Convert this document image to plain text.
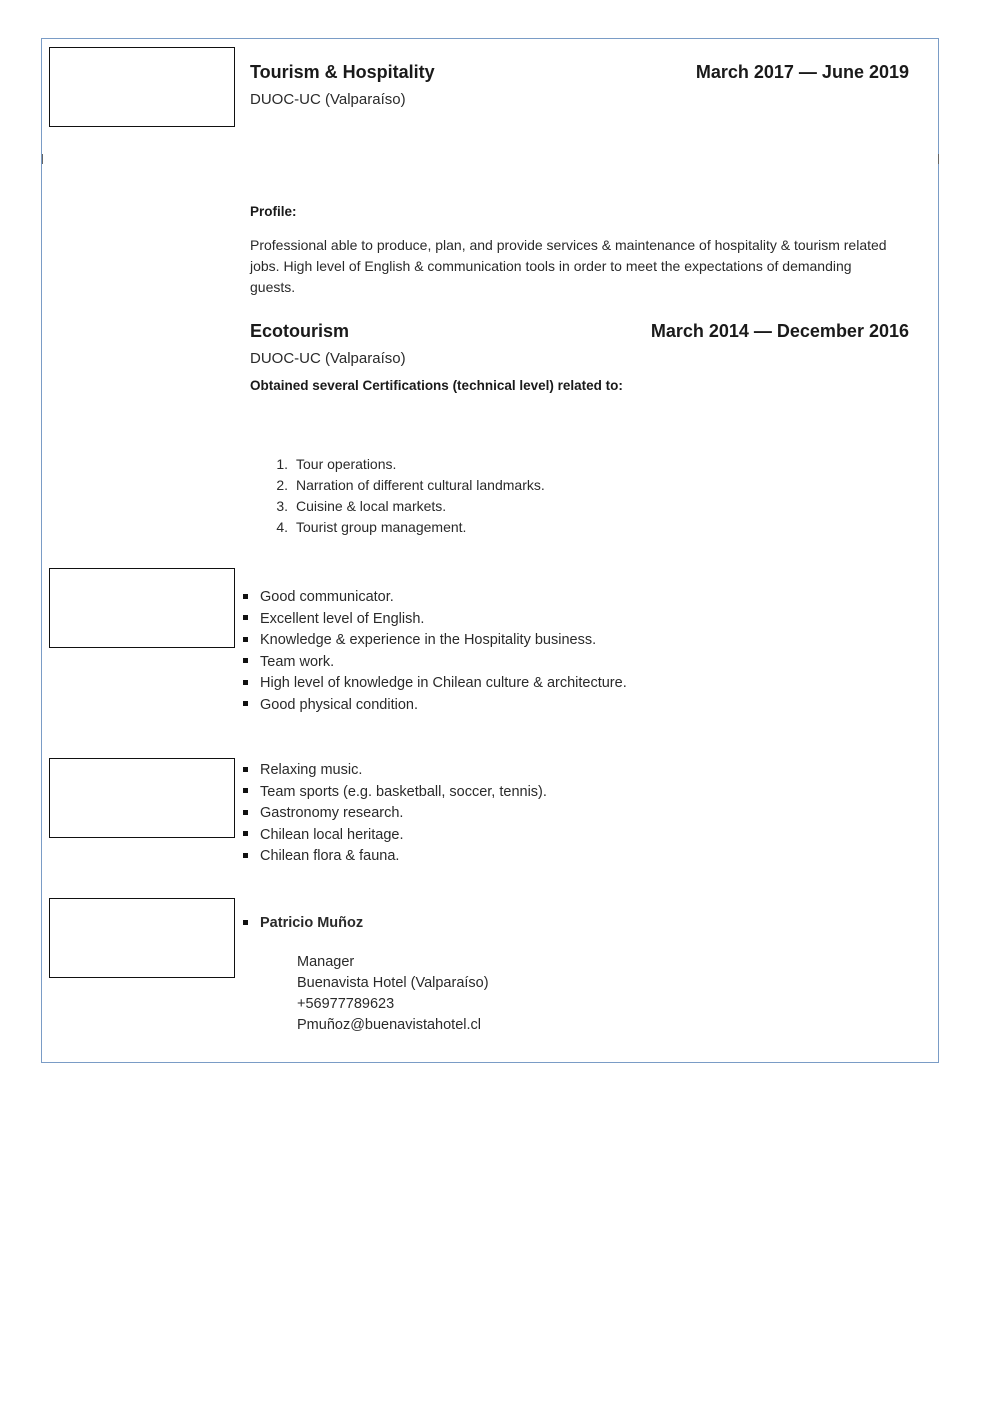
Tourism & Hospitality	March 2017 — June 2019
DUOC-UC (Valparaíso)
Profile:
Professional able to produce, plan, and provide services & maintenance of hospitality & tourism related jobs. High level of English & communication tools in order to meet the expectations of demanding guests.
Ecotourism	March 2014 — December 2016
DUOC-UC (Valparaíso)
Obtained several Certifications (technical level) related to:
1. Tour operations.
2. Narration of different cultural landmarks.
3. Cuisine & local markets.
4. Tourist group management.
Good communicator.
Excellent level of English.
Knowledge & experience in the Hospitality business.
Team work.
High level of knowledge in Chilean culture & architecture.
Good physical condition.
Relaxing music.
Team sports (e.g. basketball, soccer, tennis).
Gastronomy research.
Chilean local heritage.
Chilean flora & fauna.
Patricio Muñoz
Manager
Buenavista Hotel (Valparaíso)
+56977789623
Pmuñoz@buenavistahotel.cl
